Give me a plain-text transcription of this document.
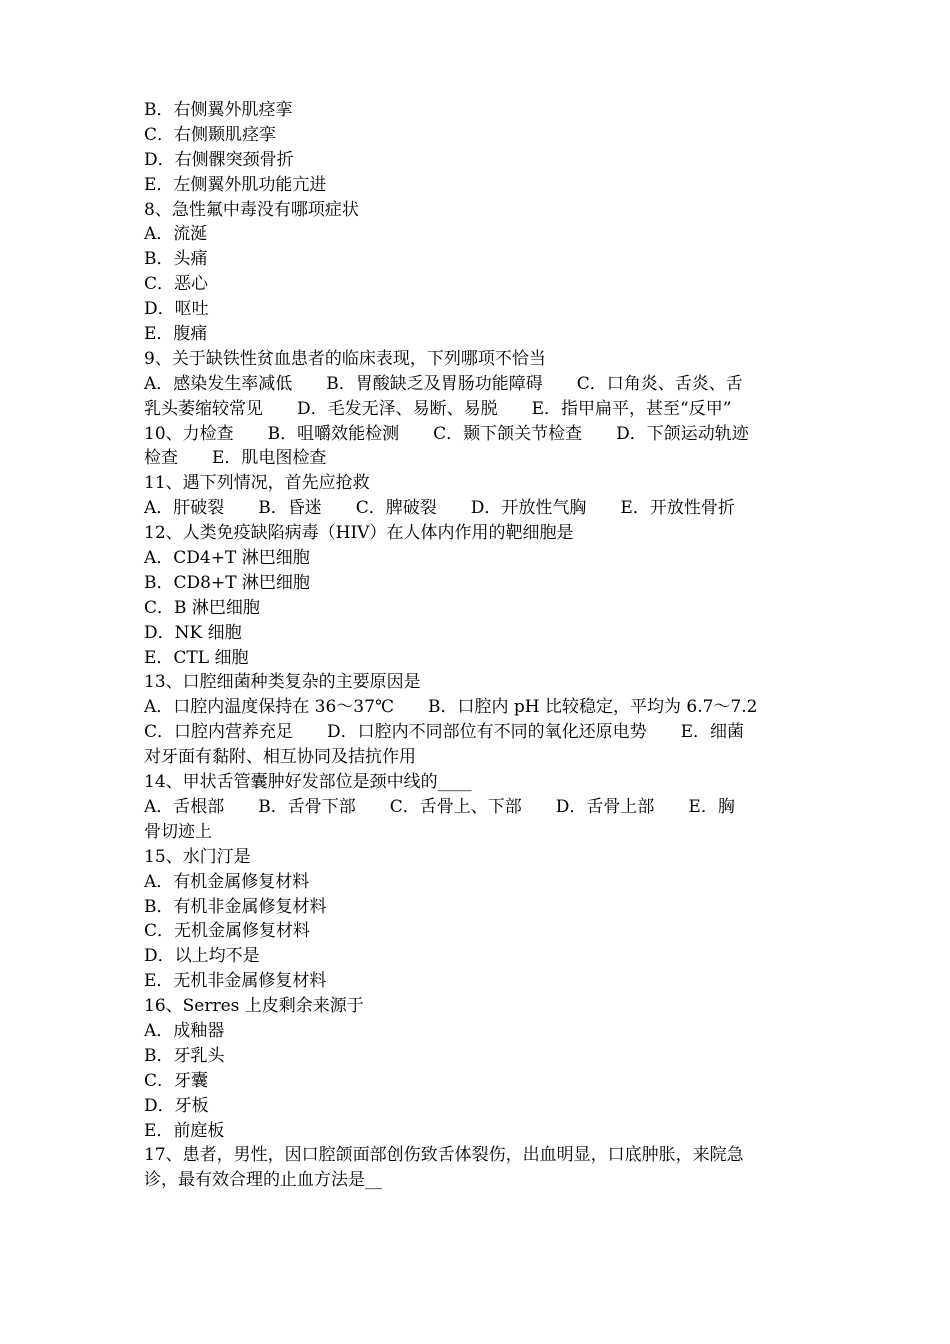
B．右侧翼外肌痉挛
C．右侧颞肌痉挛
D．右侧髁突颈骨折
E．左侧翼外肌功能亢进
8、急性氟中毒没有哪项症状
A．流涎
B．头痛
C．恶心
D．呕吐
E．腹痛
9、关于缺铁性贫血患者的临床表现，下列哪项不恰当
A．感染发生率减低　　B．胃酸缺乏及胃肠功能障碍　　C．口角炎、舌炎、舌
乳头萎缩较常见　　D．毛发无泽、易断、易脱　　E．指甲扁平，甚至“反甲”
10、力检查　　B．咀嚼效能检测　　C．颞下颌关节检查　　D．下颌运动轨迹
检查　　E．肌电图检查
11、遇下列情况，首先应抢救
A．肝破裂　　B．昏迷　　C．脾破裂　　D．开放性气胸　　E．开放性骨折
12、人类免疫缺陷病毒（HIV）在人体内作用的靶细胞是
A．CD4+T 淋巴细胞
B．CD8+T 淋巴细胞
C．B 淋巴细胞
D．NK 细胞
E．CTL 细胞
13、口腔细菌种类复杂的主要原因是
A．口腔内温度保持在 36～37℃　　B．口腔内 pH 比较稳定，平均为 6.7～7.2
C．口腔内营养充足　　D．口腔内不同部位有不同的氧化还原电势　　E．细菌
对牙面有黏附、相互协同及拮抗作用
14、甲状舌管囊肿好发部位是颈中线的____
A．舌根部　　B．舌骨下部　　C．舌骨上、下部　　D．舌骨上部　　E．胸
骨切迹上
15、水门汀是
A．有机金属修复材料
B．有机非金属修复材料
C．无机金属修复材料
D．以上均不是
E．无机非金属修复材料
16、Serres 上皮剩余来源于
A．成釉器
B．牙乳头
C．牙囊
D．牙板
E．前庭板
17、患者，男性，因口腔颌面部创伤致舌体裂伤，出血明显，口底肿胀，来院急
诊，最有效合理的止血方法是__
